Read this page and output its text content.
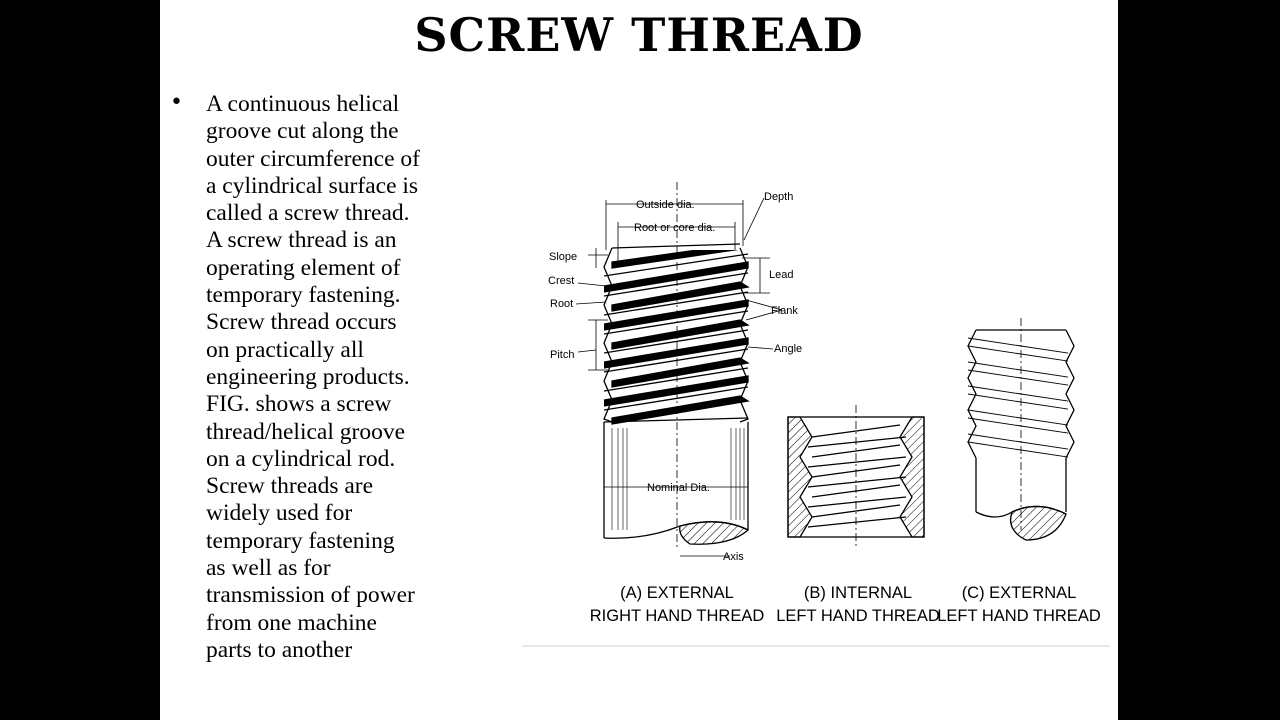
SCREW THREAD
• A continuous helical
groove cut along the
outer circumference of
a cylindrical surface is
called a screw thread.
A screw thread is an
operating element of
temporary fastening.
Screw thread occurs
on practically all
engineering products.
FIG. shows a screw
thread/helical groove
on a cylindrical rod.
Screw threads are
widely used for
temporary fastening
as well as for
transmission of power
from one machine
parts to another
Outside dia.
Root or core dia.
Depth
Slope
Crest
Root
Pitch
Lead
Flank
Angle
Nominal Dia.
Axis
(A) EXTERNAL
RIGHT HAND THREAD
(B) INTERNAL
LEFT HAND THREAD
(C) EXTERNAL
LEFT HAND THREAD
